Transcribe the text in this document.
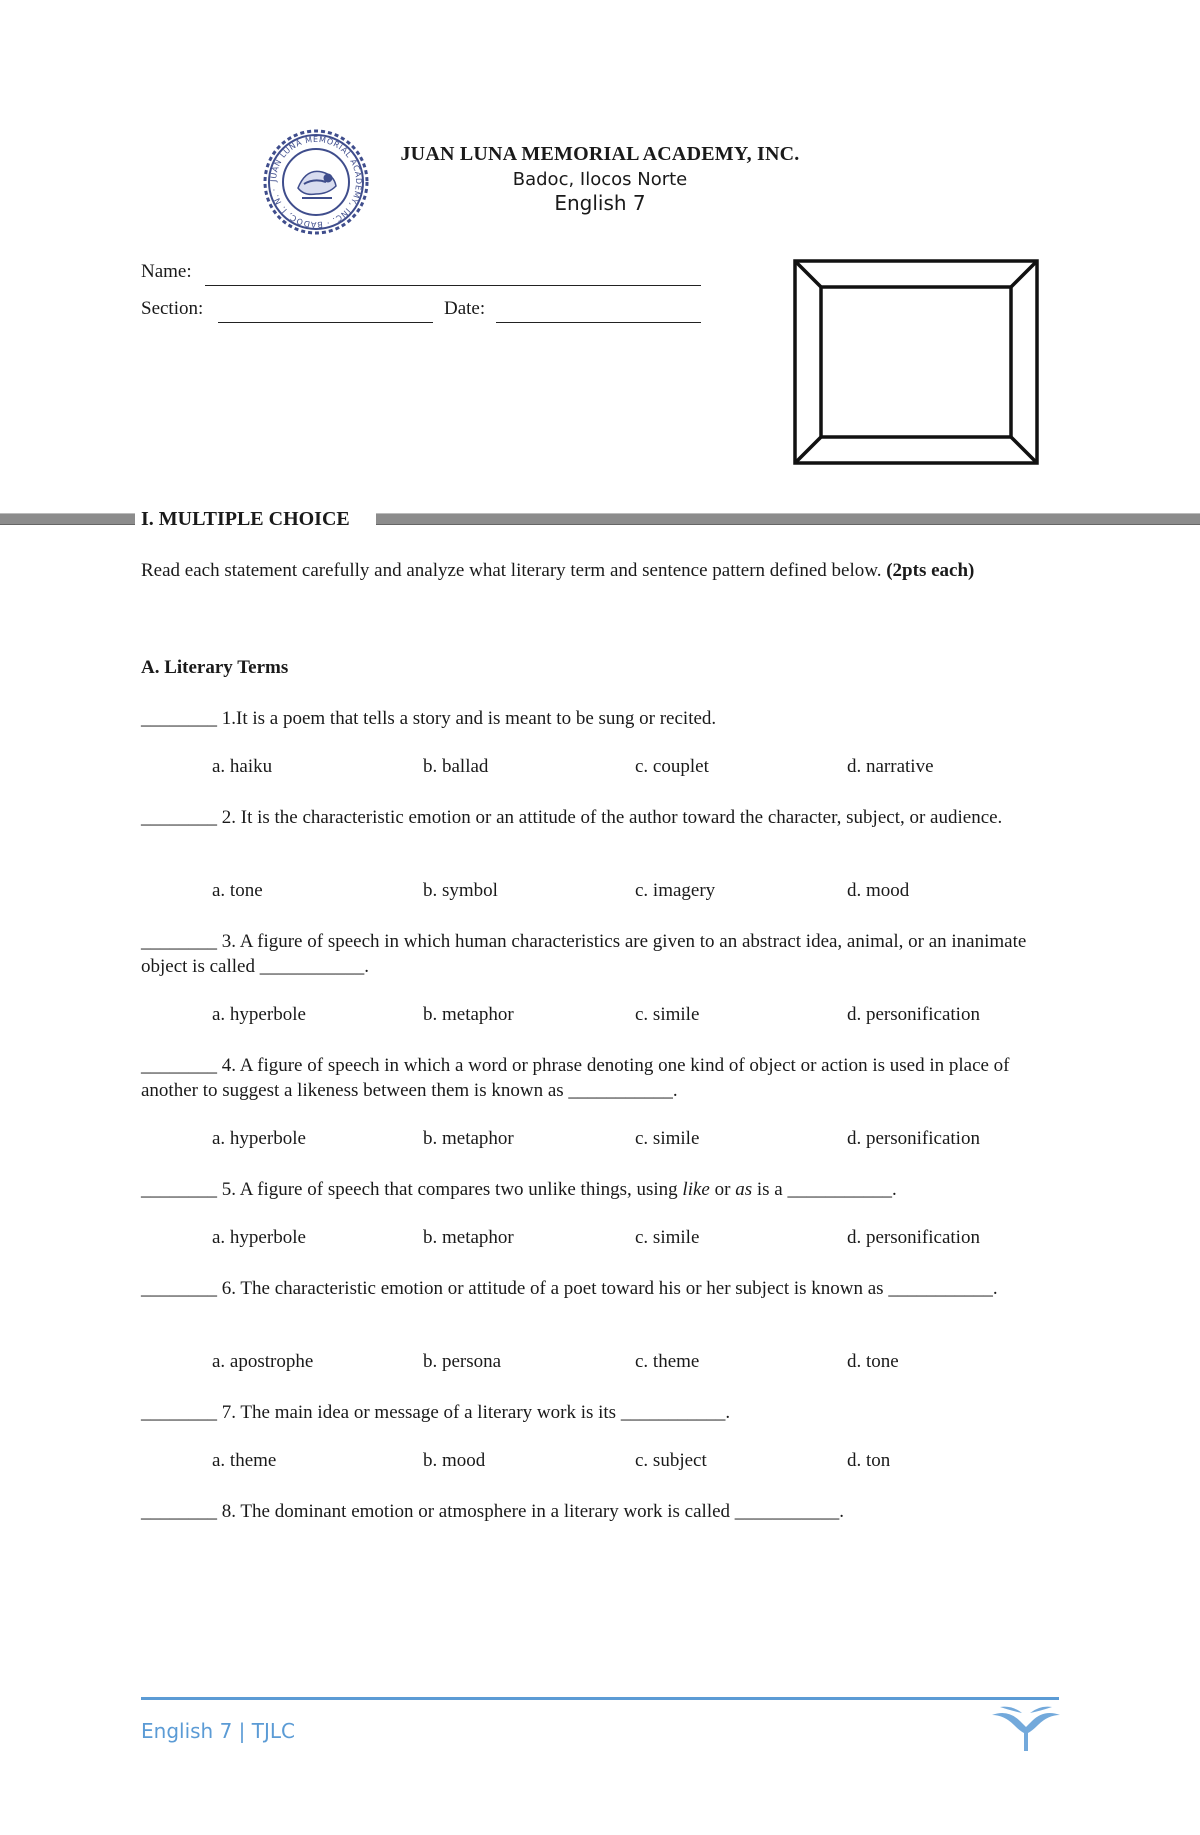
JUAN LUNA MEMORIAL ACADEMY, INC. · BADOC, I. N. ·
JUAN LUNA MEMORIAL ACADEMY, INC.
Badoc, Ilocos Norte
English 7
Name:
Section:	Date:
I. MULTIPLE CHOICE
Read each statement carefully and analyze what literary term and sentence pattern defined below. (2pts each)
A. Literary Terms
________ 1.It is a poem that tells a story and is meant to be sung or recited.
a. haiku	b. ballad	c. couplet	d. narrative
________ 2. It is the characteristic emotion or an attitude of the author toward the character, subject, or audience.
a. tone	b. symbol	c. imagery	d. mood
________ 3. A figure of speech in which human characteristics are given to an abstract idea, animal, or an inanimate object is called ___________.
a. hyperbole	b. metaphor	c. simile	d. personification
________ 4. A figure of speech in which a word or phrase denoting one kind of object or action is used in place of another to suggest a likeness between them is known as ___________.
a. hyperbole	b. metaphor	c. simile	d. personification
________ 5. A figure of speech that compares two unlike things, using like or as is a ___________.
a. hyperbole	b. metaphor	c. simile	d. personification
________ 6. The characteristic emotion or attitude of a poet toward his or her subject is known as ___________.
a. apostrophe	b. persona	c. theme	d. tone
________ 7. The main idea or message of a literary work is its ___________.
a. theme	b. mood	c. subject	d. ton
________ 8. The dominant emotion or atmosphere in a literary work is called ___________.
English 7 | TJLC
